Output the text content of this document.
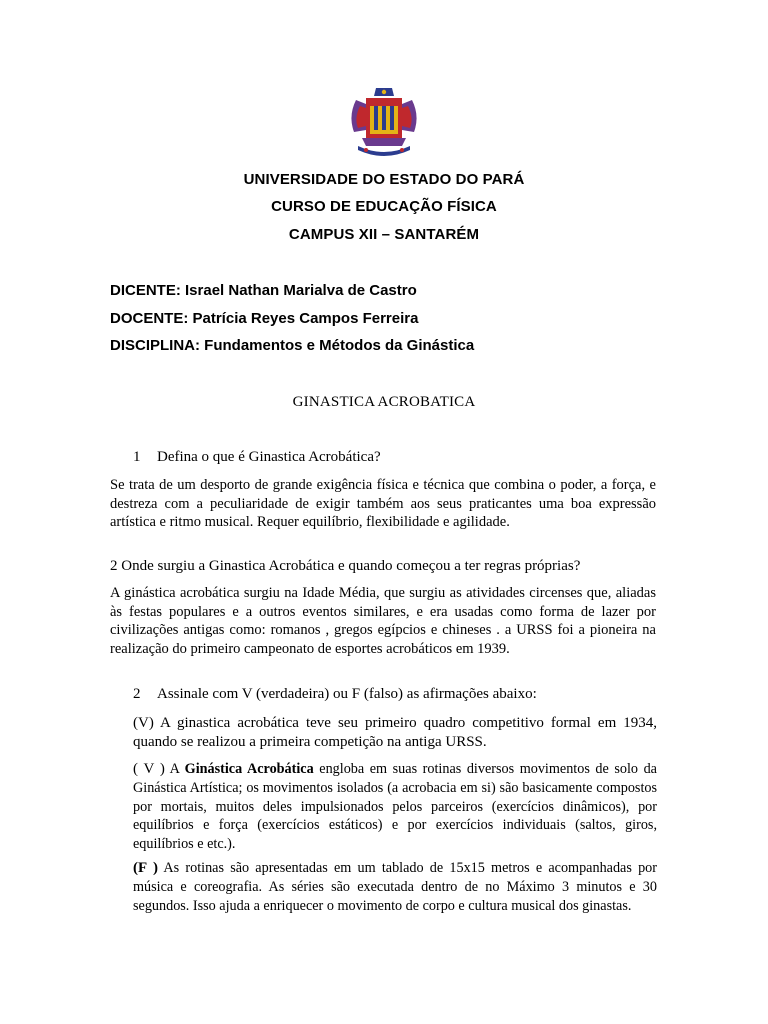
UNIVERSIDADE DO ESTADO DO PARÁ
CURSO DE EDUCAÇÃO FÍSICA
CAMPUS XII – SANTARÉM
DICENTE: Israel Nathan Marialva de Castro
DOCENTE: Patrícia Reyes Campos Ferreira
DISCIPLINA: Fundamentos e Métodos da Ginástica
GINASTICA ACROBATICA
1 Defina o que é Ginastica Acrobática?
Se trata de um desporto de grande exigência física e técnica que combina o poder, a força, e destreza com a peculiaridade de exigir também aos seus praticantes uma boa expressão artística e ritmo musical. Requer equilíbrio, flexibilidade e agilidade.
2 Onde surgiu a Ginastica Acrobática e quando começou a ter regras próprias?
A ginástica acrobática surgiu na Idade Média, que surgiu as atividades circenses que, aliadas às festas populares e a outros eventos similares, e era usadas como forma de lazer por civilizações antigas como: romanos , gregos egípcios e chineses . a URSS foi a pioneira na realização do primeiro campeonato de esportes acrobáticos em 1939.
2 Assinale com V (verdadeira) ou F (falso) as afirmações abaixo:
(V) A ginastica acrobática teve seu primeiro quadro competitivo formal em 1934, quando se realizou a primeira competição na antiga URSS.
( V ) A Ginástica Acrobática engloba em suas rotinas diversos movimentos de solo da Ginástica Artística; os movimentos isolados (a acrobacia em si) são basicamente compostos por mortais, muitos deles impulsionados pelos parceiros (exercícios dinâmicos), por equilíbrios e força (exercícios estáticos) e por exercícios individuais (saltos, giros, equilíbrios e etc.).
(F ) As rotinas são apresentadas em um tablado de 15x15 metros e acompanhadas por música e coreografia. As séries são executada dentro de no Máximo 3 minutos e 30 segundos. Isso ajuda a enriquecer o movimento de corpo e cultura musical dos ginastas.
